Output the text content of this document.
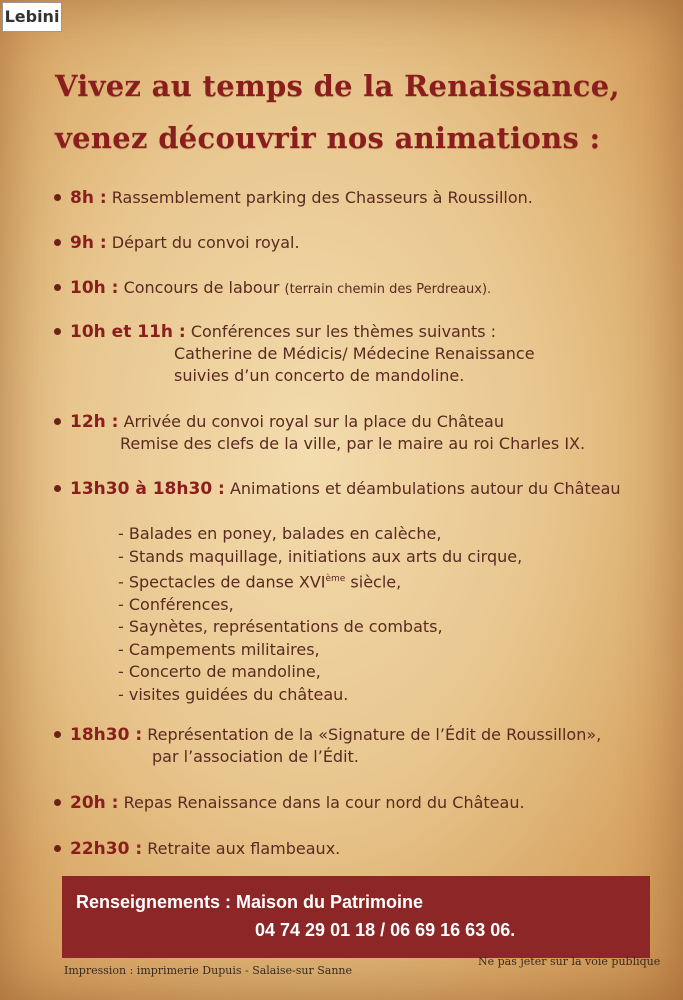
Lebini
Vivez au temps de la Renaissance,
venez découvrir nos animations :
8h : Rassemblement parking des Chasseurs à Roussillon.
9h : Départ du convoi royal.
10h : Concours de labour (terrain chemin des Perdreaux).
10h et 11h : Conférences sur les thèmes suivants :
Catherine de Médicis/ Médecine Renaissance
suivies d’un concerto de mandoline.
12h : Arrivée du convoi royal sur la place du Château
Remise des clefs de la ville, par le maire au roi Charles IX.
13h30 à 18h30 : Animations et déambulations autour du Château
- Balades en poney, balades en calèche,
- Stands maquillage, initiations aux arts du cirque,
- Spectacles de danse XVIème siècle,
- Conférences,
- Saynètes, représentations de combats,
- Campements militaires,
- Concerto de mandoline,
- visites guidées du château.
18h30 : Représentation de la «Signature de l’Édit de Roussillon»,
par l’association de l’Édit.
20h : Repas Renaissance dans la cour nord du Château.
22h30 : Retraite aux flambeaux.
Renseignements : Maison du Patrimoine
04 74 29 01 18 / 06 69 16 63 06.
Impression : imprimerie Dupuis - Salaise-sur Sanne
Ne pas jeter sur la voie publique
